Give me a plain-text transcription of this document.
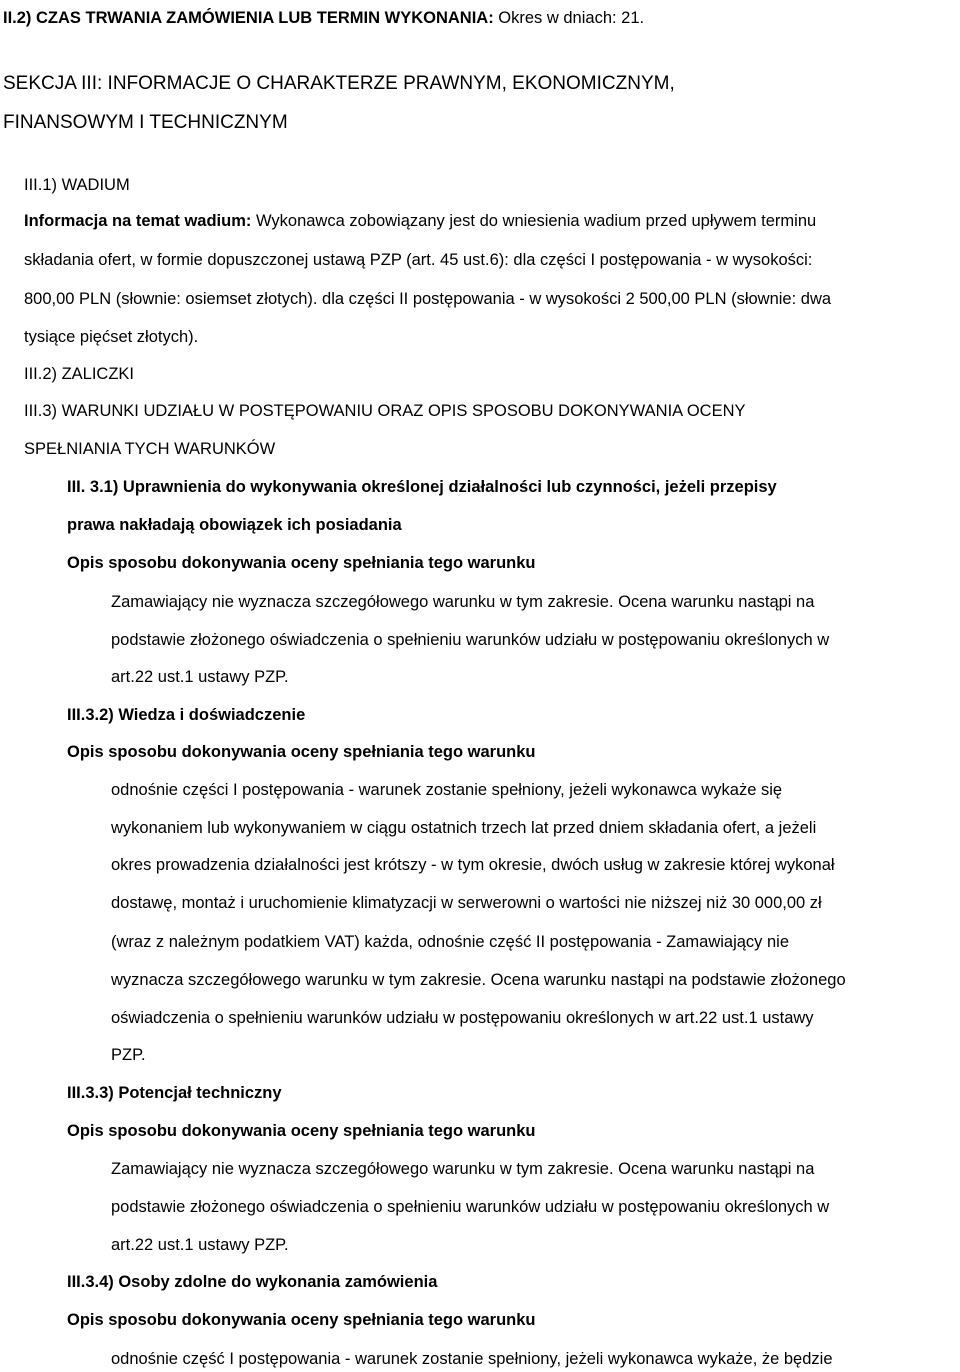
II.2) CZAS TRWANIA ZAMÓWIENIA LUB TERMIN WYKONANIA: Okres w dniach: 21.
SEKCJA III: INFORMACJE O CHARAKTERZE PRAWNYM, EKONOMICZNYM,
FINANSOWYM I TECHNICZNYM
III.1) WADIUM
Informacja na temat wadium: Wykonawca zobowiązany jest do wniesienia wadium przed upływem terminu
składania ofert, w formie dopuszczonej ustawą PZP (art. 45 ust.6): dla części I postępowania - w wysokości:
800,00 PLN (słownie: osiemset złotych). dla części II postępowania - w wysokości 2 500,00 PLN (słownie: dwa
tysiące pięćset złotych).
III.2) ZALICZKI
III.3) WARUNKI UDZIAŁU W POSTĘPOWANIU ORAZ OPIS SPOSOBU DOKONYWANIA OCENY
SPEŁNIANIA TYCH WARUNKÓW
III. 3.1) Uprawnienia do wykonywania określonej działalności lub czynności, jeżeli przepisy
prawa nakładają obowiązek ich posiadania
Opis sposobu dokonywania oceny spełniania tego warunku
Zamawiający nie wyznacza szczegółowego warunku w tym zakresie. Ocena warunku nastąpi na
podstawie złożonego oświadczenia o spełnieniu warunków udziału w postępowaniu określonych w
art.22 ust.1 ustawy PZP.
III.3.2) Wiedza i doświadczenie
Opis sposobu dokonywania oceny spełniania tego warunku
odnośnie części I postępowania - warunek zostanie spełniony, jeżeli wykonawca wykaże się
wykonaniem lub wykonywaniem w ciągu ostatnich trzech lat przed dniem składania ofert, a jeżeli
okres prowadzenia działalności jest krótszy - w tym okresie, dwóch usług w zakresie której wykonał
dostawę, montaż i uruchomienie klimatyzacji w serwerowni o wartości nie niższej niż 30 000,00 zł
(wraz z należnym podatkiem VAT) każda, odnośnie część II postępowania - Zamawiający nie
wyznacza szczegółowego warunku w tym zakresie. Ocena warunku nastąpi na podstawie złożonego
oświadczenia o spełnieniu warunków udziału w postępowaniu określonych w art.22 ust.1 ustawy
PZP.
III.3.3) Potencjał techniczny
Opis sposobu dokonywania oceny spełniania tego warunku
Zamawiający nie wyznacza szczegółowego warunku w tym zakresie. Ocena warunku nastąpi na
podstawie złożonego oświadczenia o spełnieniu warunków udziału w postępowaniu określonych w
art.22 ust.1 ustawy PZP.
III.3.4) Osoby zdolne do wykonania zamówienia
Opis sposobu dokonywania oceny spełniania tego warunku
odnośnie część I postępowania - warunek zostanie spełniony, jeżeli wykonawca wykaże, że będzie
